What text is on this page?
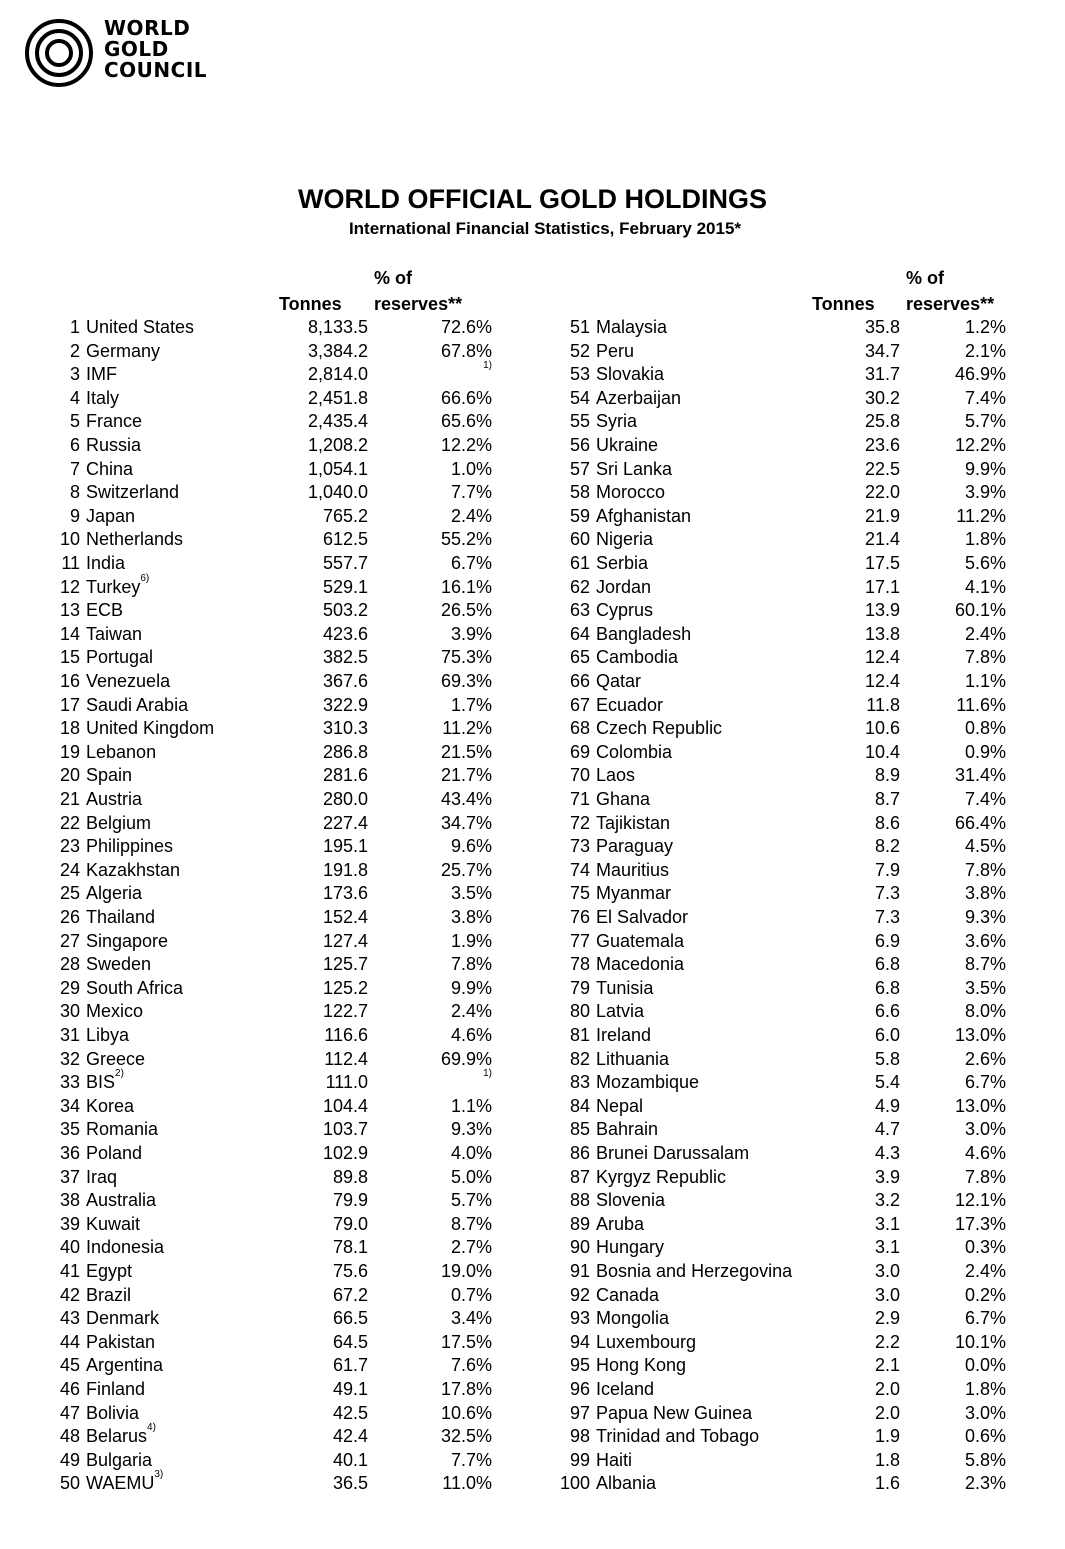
WORLD
GOLD
COUNCIL
WORLD OFFICIAL GOLD HOLDINGS
International Financial Statistics, February 2015*
% of
Tonnes reserves**
% of
Tonnes reserves**
1 United States	8,133.5	72.6%
2 Germany	3,384.2	67.8%
3 IMF	2,814.0	1)
4 Italy	2,451.8	66.6%
5 France	2,435.4	65.6%
6 Russia	1,208.2	12.2%
7 China	1,054.1	1.0%
8 Switzerland	1,040.0	7.7%
9 Japan	765.2	2.4%
10 Netherlands	612.5	55.2%
11 India	557.7	6.7%
12 Turkey$^{6)}$	529.1	16.1%
13 ECB	503.2	26.5%
14 Taiwan	423.6	3.9%
15 Portugal	382.5	75.3%
16 Venezuela	367.6	69.3%
17 Saudi Arabia	322.9	1.7%
18 United Kingdom	310.3	11.2%
19 Lebanon	286.8	21.5%
20 Spain	281.6	21.7%
21 Austria	280.0	43.4%
22 Belgium	227.4	34.7%
23 Philippines	195.1	9.6%
24 Kazakhstan	191.8	25.7%
25 Algeria	173.6	3.5%
26 Thailand	152.4	3.8%
27 Singapore	127.4	1.9%
28 Sweden	125.7	7.8%
29 South Africa	125.2	9.9%
30 Mexico	122.7	2.4%
31 Libya	116.6	4.6%
32 Greece	112.4	69.9%
33 BIS$^{2)}$	111.0	1)
34 Korea	104.4	1.1%
35 Romania	103.7	9.3%
36 Poland	102.9	4.0%
37 Iraq	89.8	5.0%
38 Australia	79.9	5.7%
39 Kuwait	79.0	8.7%
40 Indonesia	78.1	2.7%
41 Egypt	75.6	19.0%
42 Brazil	67.2	0.7%
43 Denmark	66.5	3.4%
44 Pakistan	64.5	17.5%
45 Argentina	61.7	7.6%
46 Finland	49.1	17.8%
47 Bolivia	42.5	10.6%
48 Belarus$^{4)}$	42.4	32.5%
49 Bulgaria	40.1	7.7%
50 WAEMU$^{3)}$	36.5	11.0%
51 Malaysia	35.8	1.2%
52 Peru	34.7	2.1%
53 Slovakia	31.7	46.9%
54 Azerbaijan	30.2	7.4%
55 Syria	25.8	5.7%
56 Ukraine	23.6	12.2%
57 Sri Lanka	22.5	9.9%
58 Morocco	22.0	3.9%
59 Afghanistan	21.9	11.2%
60 Nigeria	21.4	1.8%
61 Serbia	17.5	5.6%
62 Jordan	17.1	4.1%
63 Cyprus	13.9	60.1%
64 Bangladesh	13.8	2.4%
65 Cambodia	12.4	7.8%
66 Qatar	12.4	1.1%
67 Ecuador	11.8	11.6%
68 Czech Republic	10.6	0.8%
69 Colombia	10.4	0.9%
70 Laos	8.9	31.4%
71 Ghana	8.7	7.4%
72 Tajikistan	8.6	66.4%
73 Paraguay	8.2	4.5%
74 Mauritius	7.9	7.8%
75 Myanmar	7.3	3.8%
76 El Salvador	7.3	9.3%
77 Guatemala	6.9	3.6%
78 Macedonia	6.8	8.7%
79 Tunisia	6.8	3.5%
80 Latvia	6.6	8.0%
81 Ireland	6.0	13.0%
82 Lithuania	5.8	2.6%
83 Mozambique	5.4	6.7%
84 Nepal	4.9	13.0%
85 Bahrain	4.7	3.0%
86 Brunei Darussalam	4.3	4.6%
87 Kyrgyz Republic	3.9	7.8%
88 Slovenia	3.2	12.1%
89 Aruba	3.1	17.3%
90 Hungary	3.1	0.3%
91 Bosnia and Herzegovina	3.0	2.4%
92 Canada	3.0	0.2%
93 Mongolia	2.9	6.7%
94 Luxembourg	2.2	10.1%
95 Hong Kong	2.1	0.0%
96 Iceland	2.0	1.8%
97 Papua New Guinea	2.0	3.0%
98 Trinidad and Tobago	1.9	0.6%
99 Haiti	1.8	5.8%
100 Albania	1.6	2.3%
